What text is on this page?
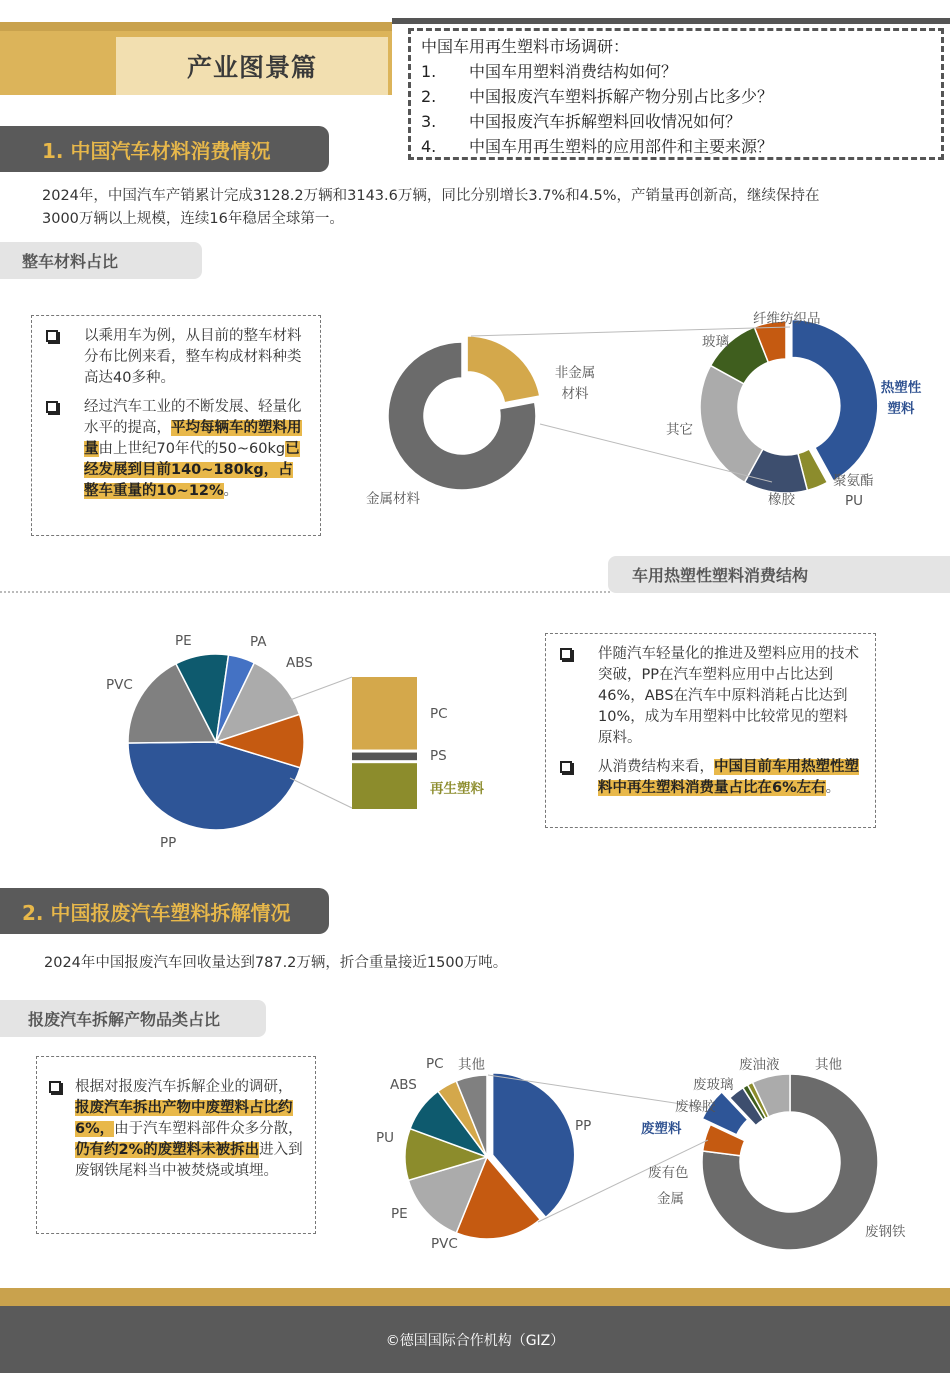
产业图景篇
中国车用再生塑料市场调研：
1.	中国车用塑料消费结构如何？
2.	中国报废汽车塑料拆解产物分别占比多少？
3.	中国报废汽车拆解塑料回收情况如何？
4.	中国车用再生塑料的应用部件和主要来源？
1. 中国汽车材料消费情况
2024年，中国汽车产销累计完成3128.2万辆和3143.6万辆，同比分别增长3.7%和4.5%，产销量再创新高，继续保持在
3000万辆以上规模，连续16年稳居全球第一。
整车材料占比
以乘用车为例，从目前的整车材料分布比例来看，整车构成材料种类高达40多种。
经过汽车工业的不断发展、轻量化水平的提高，平均每辆车的塑料用量由上世纪70年代的50~60kg已经发展到目前140~180kg，占整车重量的10~12%。
非金属材料
金属材料
纤维纺织品
玻璃
其它
橡胶
聚氨酯
PU
热塑性塑料
车用热塑性塑料消费结构
PE	PA
ABS
PVC
PP
PC
PS
再生塑料
伴随汽车轻量化的推进及塑料应用的技术突破，PP在汽车塑料应用中占比达到46%，ABS在汽车中原料消耗占比达到10%，成为车用塑料中比较常见的塑料原料。
从消费结构来看，中国目前车用热塑性塑料中再生塑料消费量占比在6%左右。
2. 中国报废汽车塑料拆解情况
2024年中国报废汽车回收量达到787.2万辆，折合重量接近1500万吨。
报废汽车拆解产物品类占比
根据对报废汽车拆解企业的调研，报废汽车拆出产物中废塑料占比约6%，由于汽车塑料部件众多分散，仍有约2%的废塑料未被拆出进入到废钢铁尾料当中被焚烧或填埋。
PC 其他
ABS
PU
PE
PVC
PP
废油液	其他
废玻璃
废橡胶
废塑料
废有色
金属
废钢铁
©德国国际合作机构（GIZ）
